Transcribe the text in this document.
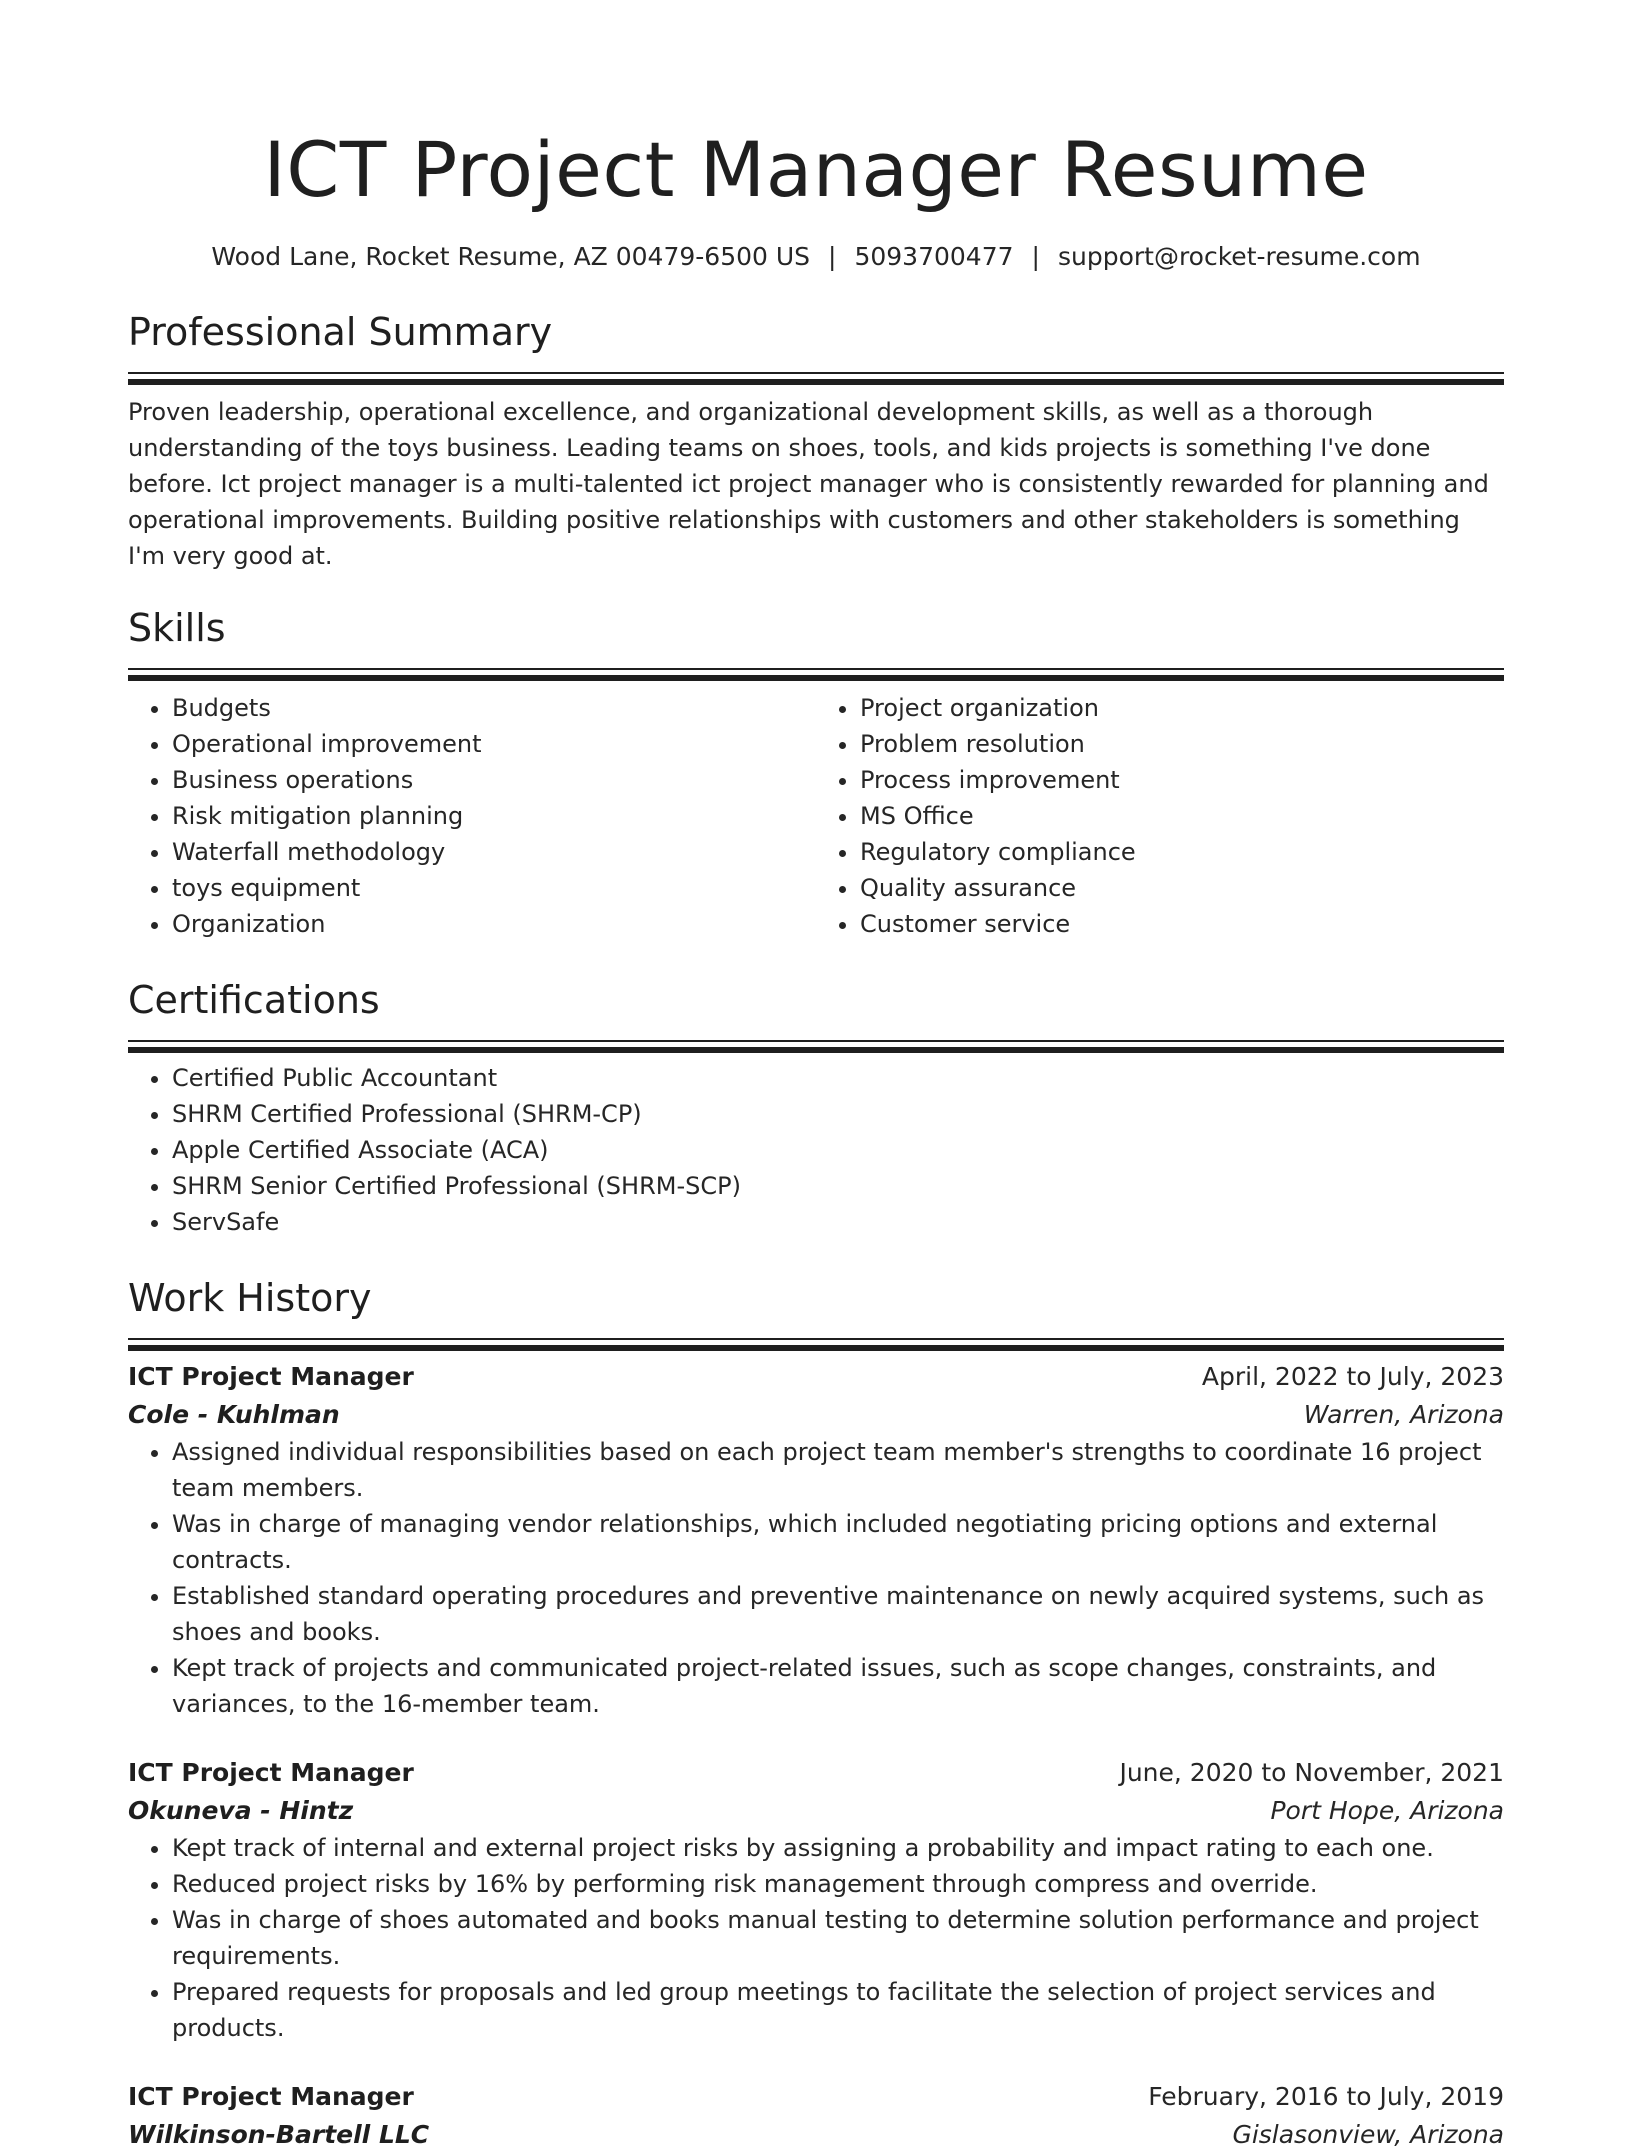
ICT Project Manager Resume
Wood Lane, Rocket Resume, AZ 00479-6500 US | 5093700477 | support@rocket-resume.com
Professional Summary

Proven leadership, operational excellence, and organizational development skills, as well as a thorough understanding of the toys business. Leading teams on shoes, tools, and kids projects is something I've done before. Ict project manager is a multi-talented ict project manager who is consistently rewarded for planning and operational improvements. Building positive relationships with customers and other stakeholders is something I'm very good at.

Skills
• Budgets
• Operational improvement
• Business operations
• Risk mitigation planning
• Waterfall methodology
• toys equipment
• Organization
• Project organization
• Problem resolution
• Process improvement
• MS Office
• Regulatory compliance
• Quality assurance
• Customer service
Certifications
• Certified Public Accountant
• SHRM Certified Professional (SHRM-CP)
• Apple Certified Associate (ACA)
• SHRM Senior Certified Professional (SHRM-SCP)
• ServSafe
Work History
ICT Project Manager	April, 2022 to July, 2023
Cole - Kuhlman	Warren, Arizona
• Assigned individual responsibilities based on each project team member's strengths to coordinate 16 project team members.
• Was in charge of managing vendor relationships, which included negotiating pricing options and external contracts.
• Established standard operating procedures and preventive maintenance on newly acquired systems, such as shoes and books.
• Kept track of projects and communicated project-related issues, such as scope changes, constraints, and variances, to the 16-member team.
ICT Project Manager	June, 2020 to November, 2021
Okuneva - Hintz	Port Hope, Arizona
• Kept track of internal and external project risks by assigning a probability and impact rating to each one.
• Reduced project risks by 16% by performing risk management through compress and override.
• Was in charge of shoes automated and books manual testing to determine solution performance and project requirements.
• Prepared requests for proposals and led group meetings to facilitate the selection of project services and products.
ICT Project Manager	February, 2016 to July, 2019
Wilkinson-Bartell LLC	Gislasonview, Arizona
